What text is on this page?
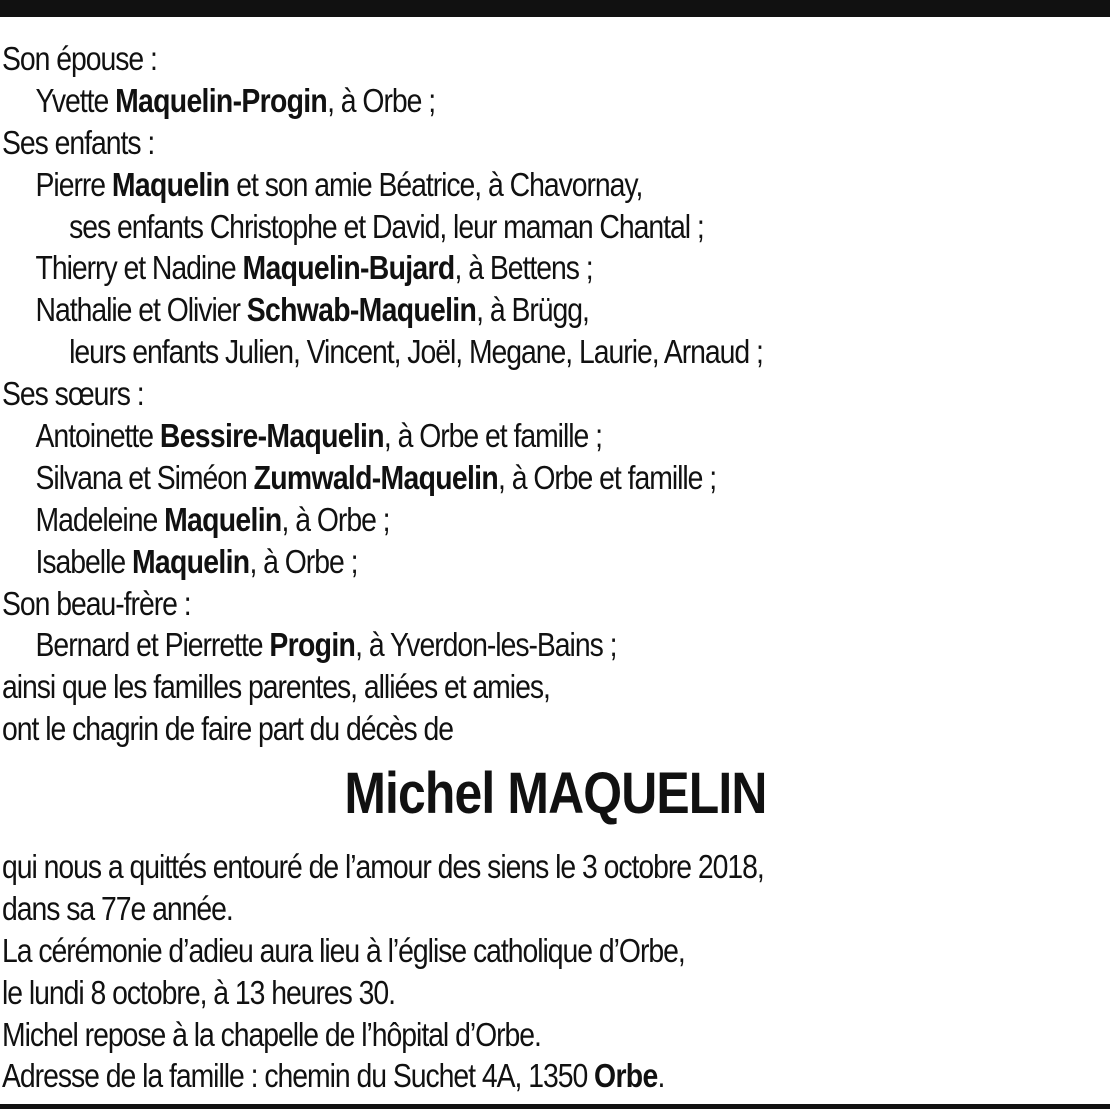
Son épouse :
Yvette Maquelin-Progin, à Orbe ;
Ses enfants :
Pierre Maquelin et son amie Béatrice, à Chavornay,
ses enfants Christophe et David, leur maman Chantal ;
Thierry et Nadine Maquelin-Bujard, à Bettens ;
Nathalie et Olivier Schwab-Maquelin, à Brügg,
leurs enfants Julien, Vincent, Joël, Megane, Laurie, Arnaud ;
Ses sœurs :
Antoinette Bessire-Maquelin, à Orbe et famille ;
Silvana et Siméon Zumwald-Maquelin, à Orbe et famille ;
Madeleine Maquelin, à Orbe ;
Isabelle Maquelin, à Orbe ;
Son beau-frère :
Bernard et Pierrette Progin, à Yverdon-les-Bains ;
ainsi que les familles parentes, alliées et amies,
ont le chagrin de faire part du décès de
Michel MAQUELIN
qui nous a quittés entouré de l’amour des siens le 3 octobre 2018,
dans sa 77e année.
La cérémonie d’adieu aura lieu à l’église catholique d’Orbe,
le lundi 8 octobre, à 13 heures 30.
Michel repose à la chapelle de l’hôpital d’Orbe.
Adresse de la famille : chemin du Suchet 4A, 1350 Orbe.
